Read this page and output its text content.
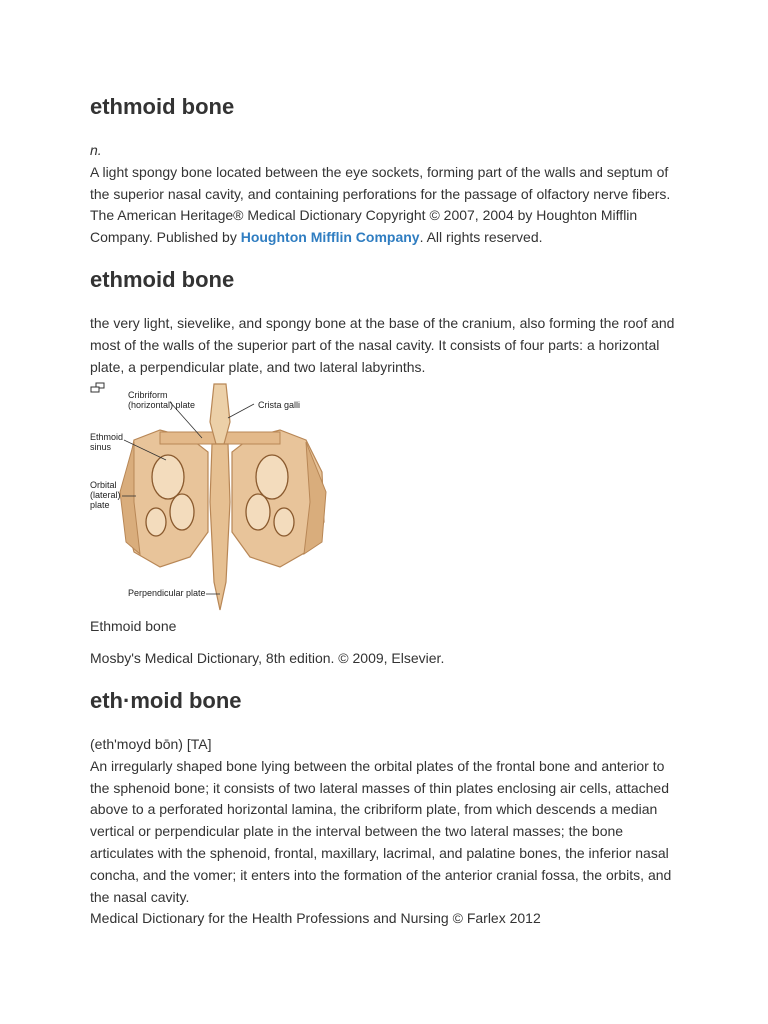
ethmoid bone

n.

A light spongy bone located between the eye sockets, forming part of the walls and septum of the superior nasal cavity, and containing perforations for the passage of olfactory nerve fibers.

The American Heritage® Medical Dictionary Copyright © 2007, 2004 by Houghton Mifflin Company. Published by Houghton Mifflin Company. All rights reserved.

ethmoid bone

the very light, sievelike, and spongy bone at the base of the cranium, also forming the roof and most of the walls of the superior part of the nasal cavity. It consists of four parts: a horizontal plate, a perpendicular plate, and two lateral labyrinths.

Cribriform
(horizontal) plate	Crista galli
Ethmoid
sinus
Orbital
(lateral)
plate
Perpendicular plate

Ethmoid bone

Mosby's Medical Dictionary, 8th edition. © 2009, Elsevier.

eth·moid bone

(eth'moyd bōn) [TA]

An irregularly shaped bone lying between the orbital plates of the frontal bone and anterior to the sphenoid bone; it consists of two lateral masses of thin plates enclosing air cells, attached above to a perforated horizontal lamina, the cribriform plate, from which descends a median vertical or perpendicular plate in the interval between the two lateral masses; the bone articulates with the sphenoid, frontal, maxillary, lacrimal, and palatine bones, the inferior nasal concha, and the vomer; it enters into the formation of the anterior cranial fossa, the orbits, and the nasal cavity.

Medical Dictionary for the Health Professions and Nursing © Farlex 2012
